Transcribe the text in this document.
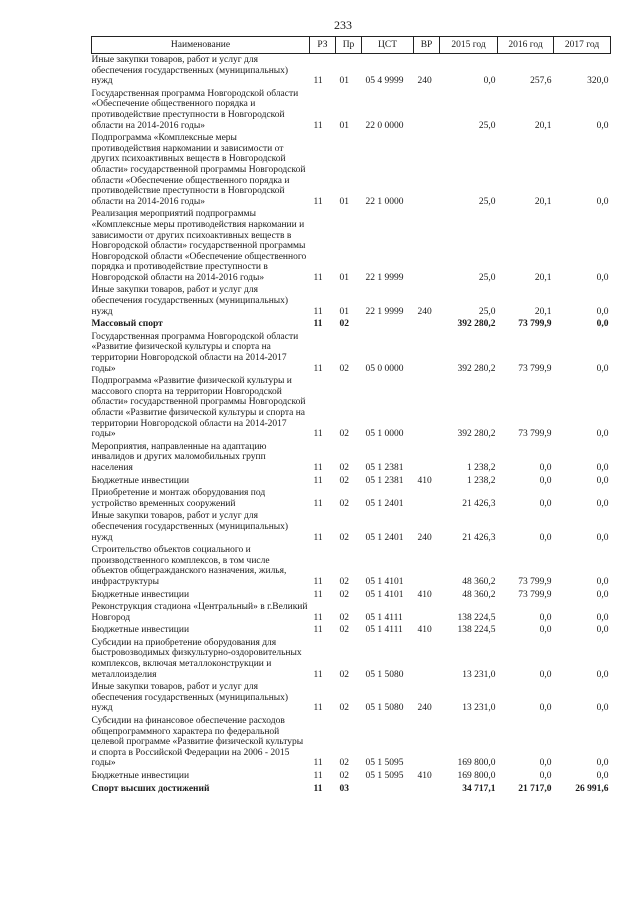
233
Наименование	РЗ	Пр	ЦСТ	ВР	2015 год	2016 год	2017 год
Иные закупки товаров, работ и услуг для обеспечения государственных (муниципальных) нужд	11	01	05 4 9999	240	0,0	257,6	320,0
Государственная программа Новгородской области «Обеспечение общественного порядка и противодействие преступности в Новгородской области на 2014-2016 годы»	11	01	22 0 0000		25,0	20,1	0,0
Подпрограмма «Комплексные меры противодействия наркомании и зависимости от других психоактивных веществ в Новгородской области» государственной программы Новгородской области «Обеспечение общественного порядка и противодействие преступности в Новгородской области на 2014-2016 годы»	11	01	22 1 0000		25,0	20,1	0,0
Реализация мероприятий подпрограммы «Комплексные меры противодействия наркомании и зависимости от других психоактивных веществ в Новгородской области» государственной программы Новгородской области «Обеспечение общественного порядка и противодействие преступности в Новгородской области на 2014-2016 годы»	11	01	22 1 9999		25,0	20,1	0,0
Иные закупки товаров, работ и услуг для обеспечения государственных (муниципальных) нужд	11	01	22 1 9999	240	25,0	20,1	0,0
Массовый спорт	11	02			392 280,2	73 799,9	0,0
Государственная программа Новгородской области «Развитие физической культуры и спорта на территории Новгородской области на 2014-2017 годы»	11	02	05 0 0000		392 280,2	73 799,9	0,0
Подпрограмма «Развитие физической культуры и массового спорта на территории Новгородской области» государственной программы Новгородской области «Развитие физической культуры и спорта на территории Новгородской области на 2014-2017 годы»	11	02	05 1 0000		392 280,2	73 799,9	0,0
Мероприятия, направленные на адаптацию инвалидов и других маломобильных групп населения	11	02	05 1 2381		1 238,2	0,0	0,0
Бюджетные инвестиции	11	02	05 1 2381	410	1 238,2	0,0	0,0
Приобретение и монтаж оборудования под устройство временных сооружений	11	02	05 1 2401		21 426,3	0,0	0,0
Иные закупки товаров, работ и услуг для обеспечения государственных (муниципальных) нужд	11	02	05 1 2401	240	21 426,3	0,0	0,0
Строительство объектов социального и производственного комплексов, в том числе объектов общегражданского назначения, жилья, инфраструктуры	11	02	05 1 4101		48 360,2	73 799,9	0,0
Бюджетные инвестиции	11	02	05 1 4101	410	48 360,2	73 799,9	0,0
Реконструкция стадиона «Центральный» в г.Великий Новгород	11	02	05 1 4111		138 224,5	0,0	0,0
Бюджетные инвестиции	11	02	05 1 4111	410	138 224,5	0,0	0,0
Субсидии на приобретение оборудования для быстровозводимых физкультурно-оздоровительных комплексов, включая металлоконструкции и металлоизделия	11	02	05 1 5080		13 231,0	0,0	0,0
Иные закупки товаров, работ и услуг для обеспечения государственных (муниципальных) нужд	11	02	05 1 5080	240	13 231,0	0,0	0,0
Субсидии на финансовое обеспечение расходов общепрограммного характера по федеральной целевой программе «Развитие физической культуры и спорта в Российской Федерации на 2006 - 2015 годы»	11	02	05 1 5095		169 800,0	0,0	0,0
Бюджетные инвестиции	11	02	05 1 5095	410	169 800,0	0,0	0,0
Спорт высших достижений	11	03			34 717,1	21 717,0	26 991,6
